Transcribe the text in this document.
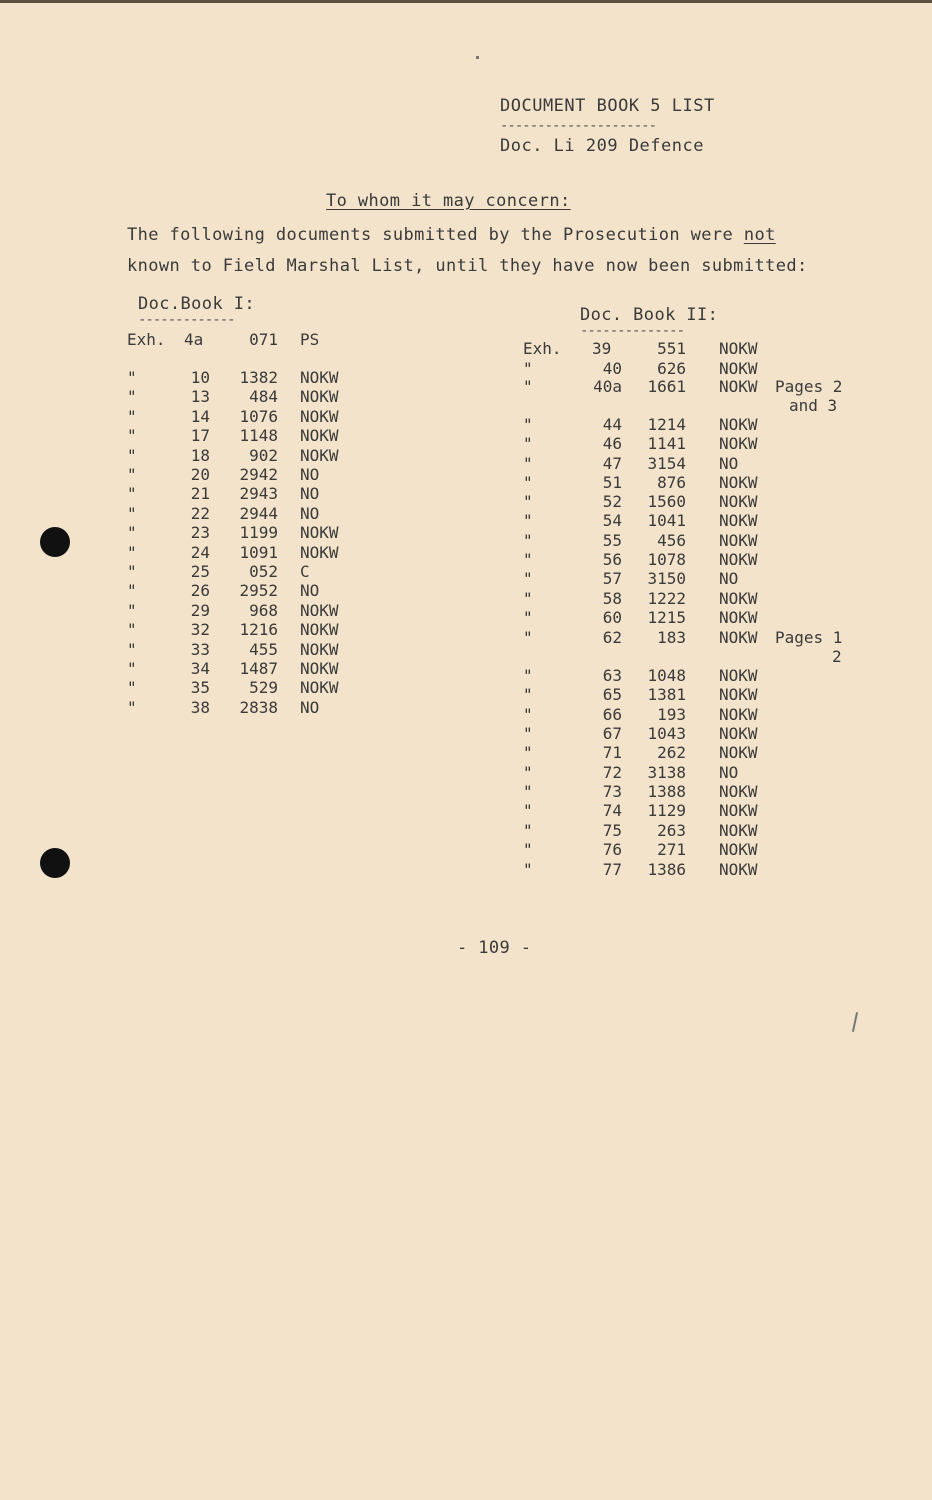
DOCUMENT BOOK 5 LIST
---------------------
Doc. Li 209 Defence
To whom it may concern:
The following documents submitted by the Prosecution were not
known to Field Marshal List, until they have now been submitted:
Doc.Book I:
-------------
Exh. 4a	071 PS
"	10	1382 NOKW
"	13	484 NOKW
"	14	1076 NOKW
"	17	1148 NOKW
"	18	902 NOKW
"	20	2942 NO
"	21	2943 NO
"	22	2944 NO
"	23	1199 NOKW
"	24	1091 NOKW
"	25	052 C
"	26	2952 NO
"	29	968 NOKW
"	32	1216 NOKW
"	33	455 NOKW
"	34	1487 NOKW
"	35	529 NOKW
"	38	2838 NO
Doc. Book II:
--------------
Exh. 39	551 NOKW
"	40	626 NOKW
"	40a	1661 NOKW Pages 2
and 3
"	44	1214 NOKW
"	46	1141 NOKW
"	47	3154 NO
"	51	876 NOKW
"	52	1560 NOKW
"	54	1041 NOKW
"	55	456 NOKW
"	56	1078 NOKW
"	57	3150 NO
"	58	1222 NOKW
"	60	1215 NOKW
"	62	183 NOKW Pages 1
2
"	63	1048 NOKW
"	65	1381 NOKW
"	66	193 NOKW
"	67	1043 NOKW
"	71	262 NOKW
"	72	3138 NO
"	73	1388 NOKW
"	74	1129 NOKW
"	75	263 NOKW
"	76	271 NOKW
"	77	1386 NOKW
- 109 -
